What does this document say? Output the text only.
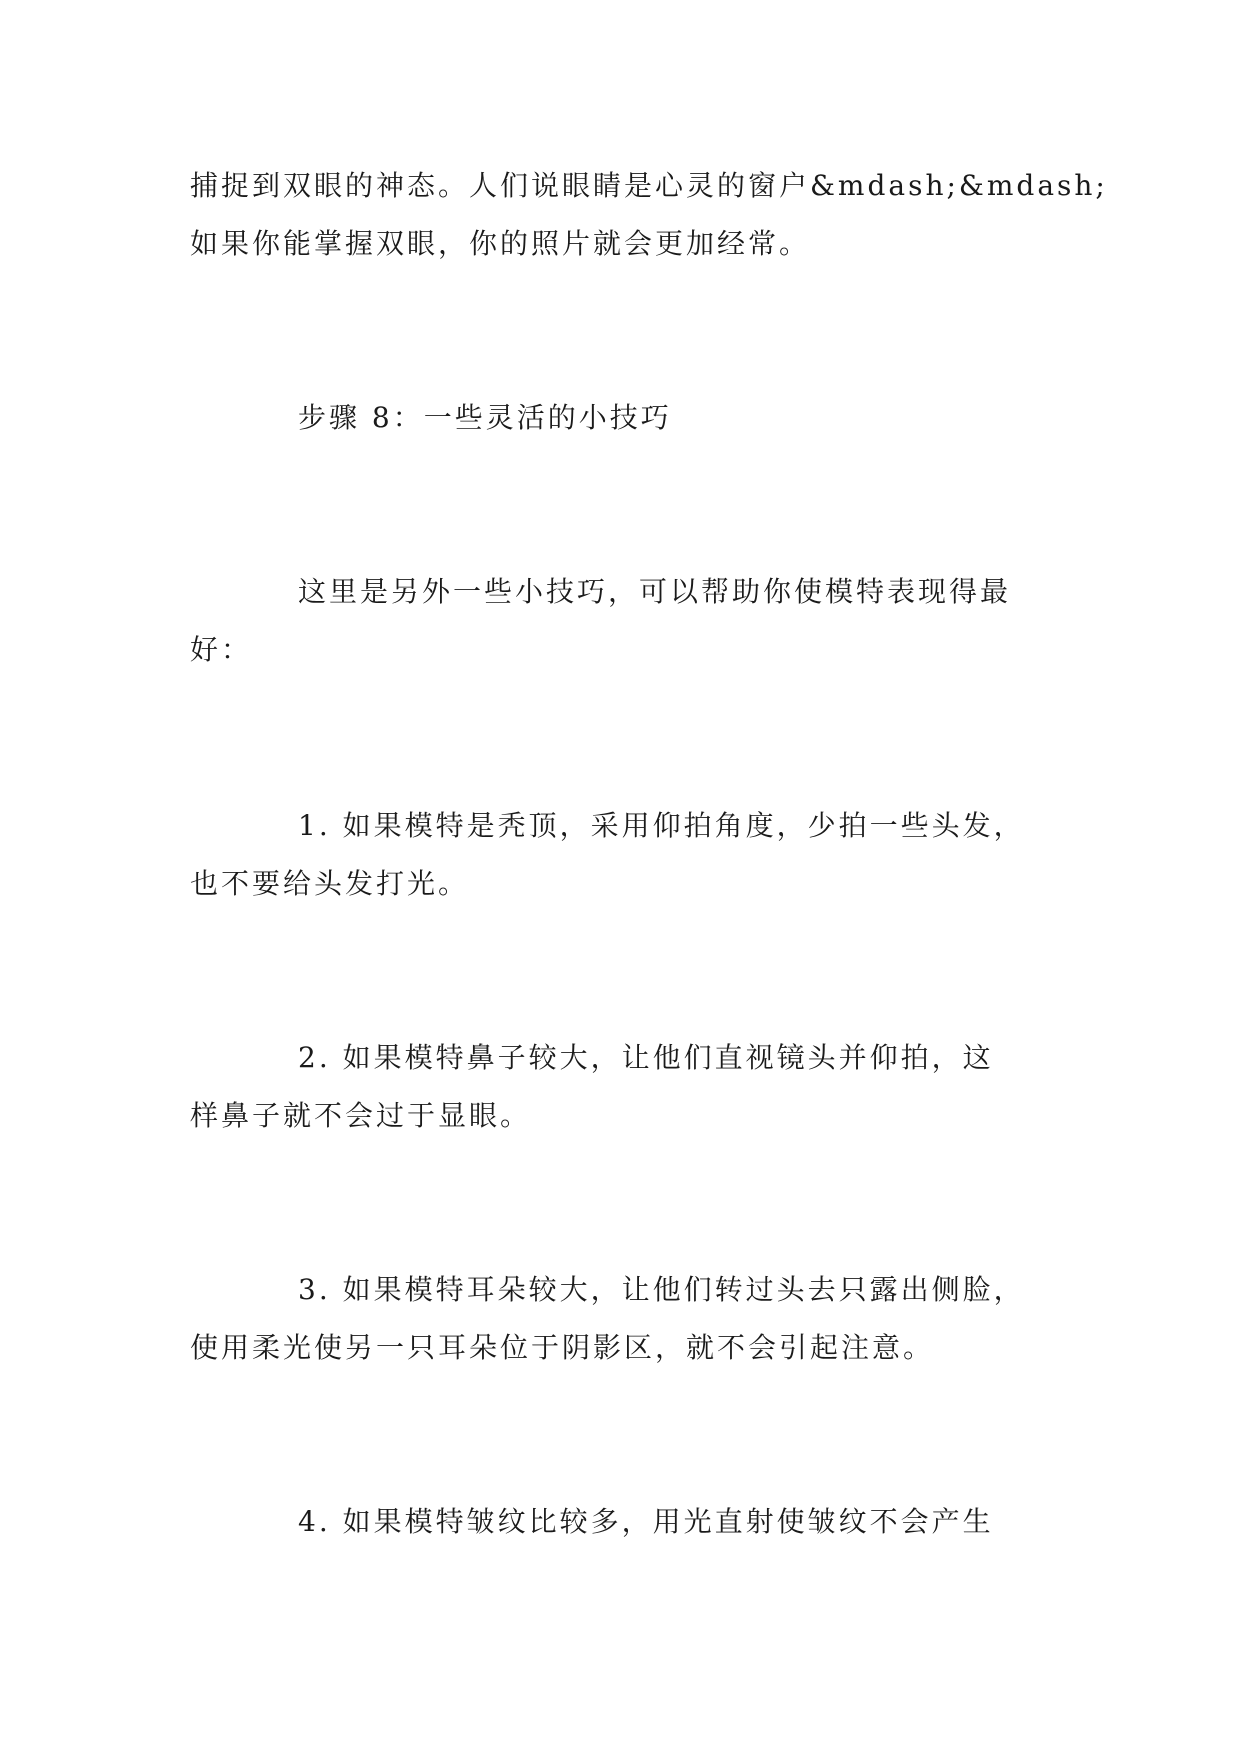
捕捉到双眼的神态。人们说眼睛是心灵的窗户&mdash;&mdash;
如果你能掌握双眼，你的照片就会更加经常。
步骤 8：一些灵活的小技巧
这里是另外一些小技巧，可以帮助你使模特表现得最
好：
1. 如果模特是秃顶，采用仰拍角度，少拍一些头发，
也不要给头发打光。
2. 如果模特鼻子较大，让他们直视镜头并仰拍，这
样鼻子就不会过于显眼。
3. 如果模特耳朵较大，让他们转过头去只露出侧脸，
使用柔光使另一只耳朵位于阴影区，就不会引起注意。
4. 如果模特皱纹比较多，用光直射使皱纹不会产生
